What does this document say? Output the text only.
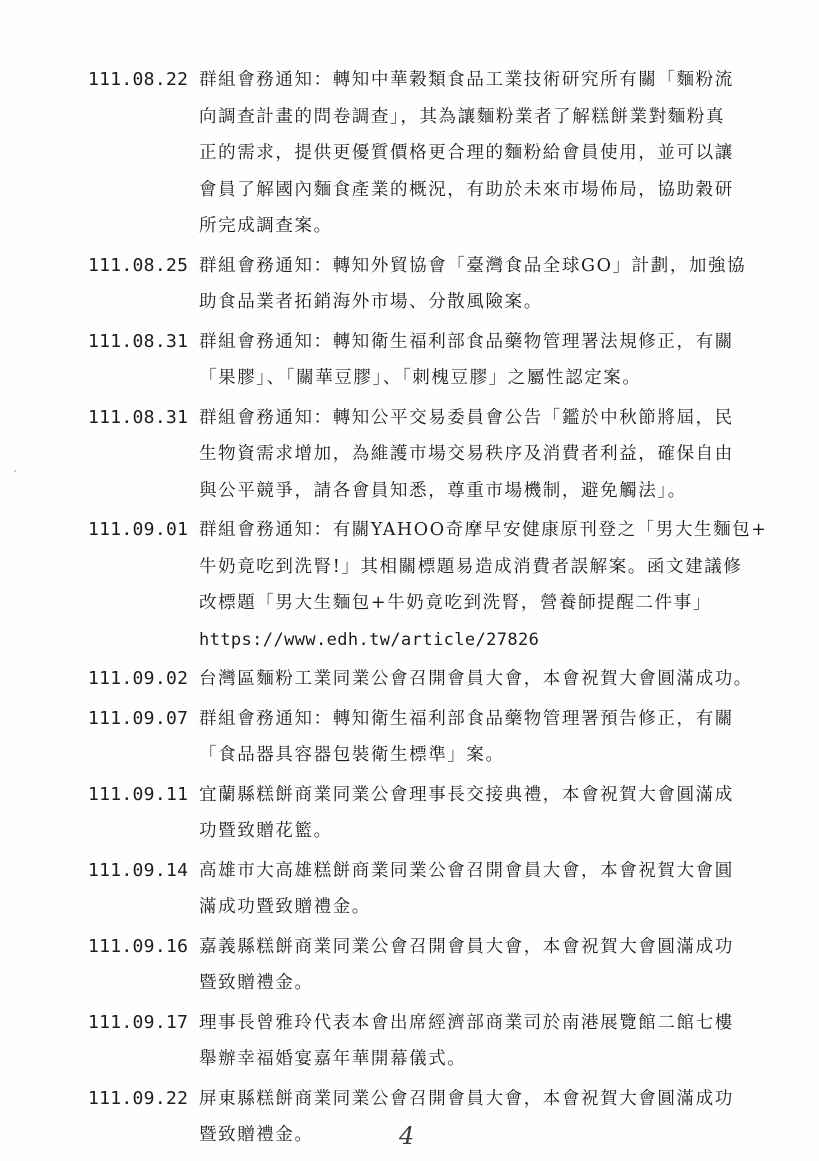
111.08.22 群組會務通知：轉知中華穀類食品工業技術研究所有關「麵粉流
向調查計畫的問卷調查」，其為讓麵粉業者了解糕餅業對麵粉真
正的需求，提供更優質價格更合理的麵粉給會員使用，並可以讓
會員了解國內麵食產業的概況，有助於未來市場佈局，協助穀研
所完成調查案。
111.08.25 群組會務通知：轉知外貿協會「臺灣食品全球GO」計劃，加強協
助食品業者拓銷海外市場、分散風險案。
111.08.31 群組會務通知：轉知衛生福利部食品藥物管理署法規修正，有關
「果膠」、「關華豆膠」、「刺槐豆膠」之屬性認定案。
111.08.31 群組會務通知：轉知公平交易委員會公告「鑑於中秋節將屆，民
生物資需求增加，為維護市場交易秩序及消費者利益，確保自由
與公平競爭，請各會員知悉，尊重市場機制，避免觸法」。
111.09.01 群組會務通知：有關YAHOO奇摩早安健康原刊登之「男大生麵包+
牛奶竟吃到洗腎!」其相關標題易造成消費者誤解案。函文建議修
改標題「男大生麵包+牛奶竟吃到洗腎，營養師提醒二件事」
https://www.edh.tw/article/27826
111.09.02 台灣區麵粉工業同業公會召開會員大會，本會祝賀大會圓滿成功。
111.09.07 群組會務通知：轉知衛生福利部食品藥物管理署預告修正，有關
「食品器具容器包裝衛生標準」案。
111.09.11 宜蘭縣糕餅商業同業公會理事長交接典禮，本會祝賀大會圓滿成
功暨致贈花籃。
111.09.14 高雄市大高雄糕餅商業同業公會召開會員大會，本會祝賀大會圓
滿成功暨致贈禮金。
111.09.16 嘉義縣糕餅商業同業公會召開會員大會，本會祝賀大會圓滿成功
暨致贈禮金。
111.09.17 理事長曾雅玲代表本會出席經濟部商業司於南港展覽館二館七樓
舉辦幸福婚宴嘉年華開幕儀式。
111.09.22 屏東縣糕餅商業同業公會召開會員大會，本會祝賀大會圓滿成功
暨致贈禮金。	4
